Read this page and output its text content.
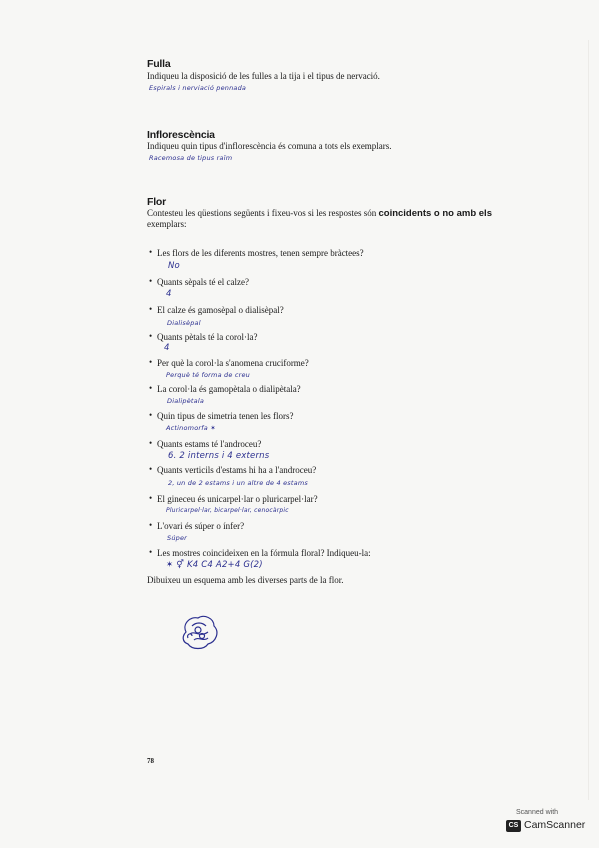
Fulla
Indiqueu la disposició de les fulles a la tija i el tipus de nervació.
Espirals i nerviació pennada
Inflorescència
Indiqueu quin tipus d'inflorescència és comuna a tots els exemplars.
Racemosa de tipus raïm
Flor
Contesteu les qüestions següents i fixeu-vos si les respostes són coincidents o no amb els
exemplars:
• Les flors de les diferents mostres, tenen sempre bràctees?
No
• Quants sèpals té el calze?
4
• El calze és gamosèpal o dialisèpal?
Dialisèpal
• Quants pètals té la corol·la?
4
• Per què la corol·la s'anomena cruciforme?
Perquè té forma de creu
• La corol·la és gamopètala o dialipètala?
Dialipètala
• Quin tipus de simetria tenen les flors?
Actinomorfa ✶
• Quants estams té l'androceu?
6. 2 interns i 4 externs
• Quants verticils d'estams hi ha a l'androceu?
2, un de 2 estams i un altre de 4 estams
• El gineceu és unicarpel·lar o pluricarpel·lar?
Pluricarpel·lar, bicarpel·lar, cenocàrpic
• L'ovari és súper o ínfer?
Súper
• Les mostres coincideixen en la fórmula floral? Indiqueu-la:
✶ ⚥ K4 C4 A2+4 G(2)
Dibuixeu un esquema amb les diverses parts de la flor.
78
Scanned with
CS CamScanner
